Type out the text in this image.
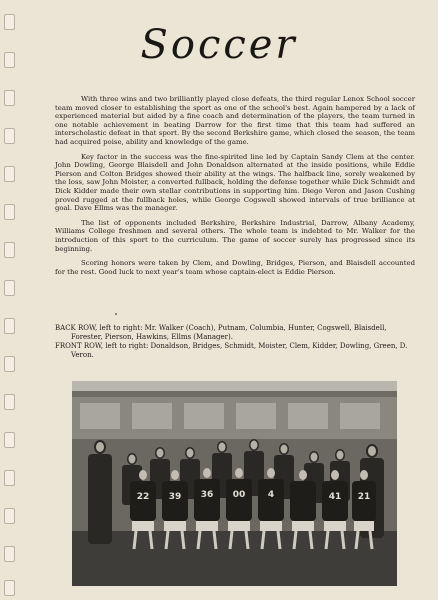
Soccer

With three wins and two brilliantly played close defeats, the third regular Lenox School soccer team moved closer to establishing the sport as one of the school's best. Again hampered by a lack of experienced material but aided by a fine coach and determination of the players, the team turned in one notable achievement in beating Darrow for the first time that this team had suffered an interscholastic defeat in that sport. By the second Berkshire game, which closed the season, the team had acquired poise, ability and knowledge of the game.

Key factor in the success was the fine-spirited line led by Captain Sandy Clem at the center. John Dowling, George Blaisdell and John Donaldson alternated at the inside positions, while Eddie Pierson and Colton Bridges showed their ability at the wings. The halfback line, sorely weakened by the loss, saw John Moister, a converted fullback, holding the defense together while Dick Schmidt and Dick Kidder made their own stellar contributions in supporting him. Diego Veron and Jason Cushing proved rugged at the fullback holes, while George Cogswell showed intervals of true brilliance at goal. Dave Ellms was the manager.

The list of opponents included Berkshire, Berkshire Industrial, Darrow, Albany Academy, Williams College freshmen and several others. The whole team is indebted to Mr. Walker for the introduction of this sport to the curriculum. The game of soccer surely has progressed since its beginning.

Scoring honors were taken by Clem, and Dowling, Bridges, Pierson, and Blaisdell accounted for the rest. Good luck to next year's team whose captain-elect is Eddie Pierson.

BACK ROW, left to right: Mr. Walker (Coach), Putnam, Columbia, Hunter, Cogswell, Blaisdell, Forester, Pierson, Hawkins, Ellms (Manager).

FRONT ROW, left to right: Donaldson, Bridges, Schmidt, Moister, Clem, Kidder, Dowling, Green, D. Veron.

22 39 36 00	4	41 21
